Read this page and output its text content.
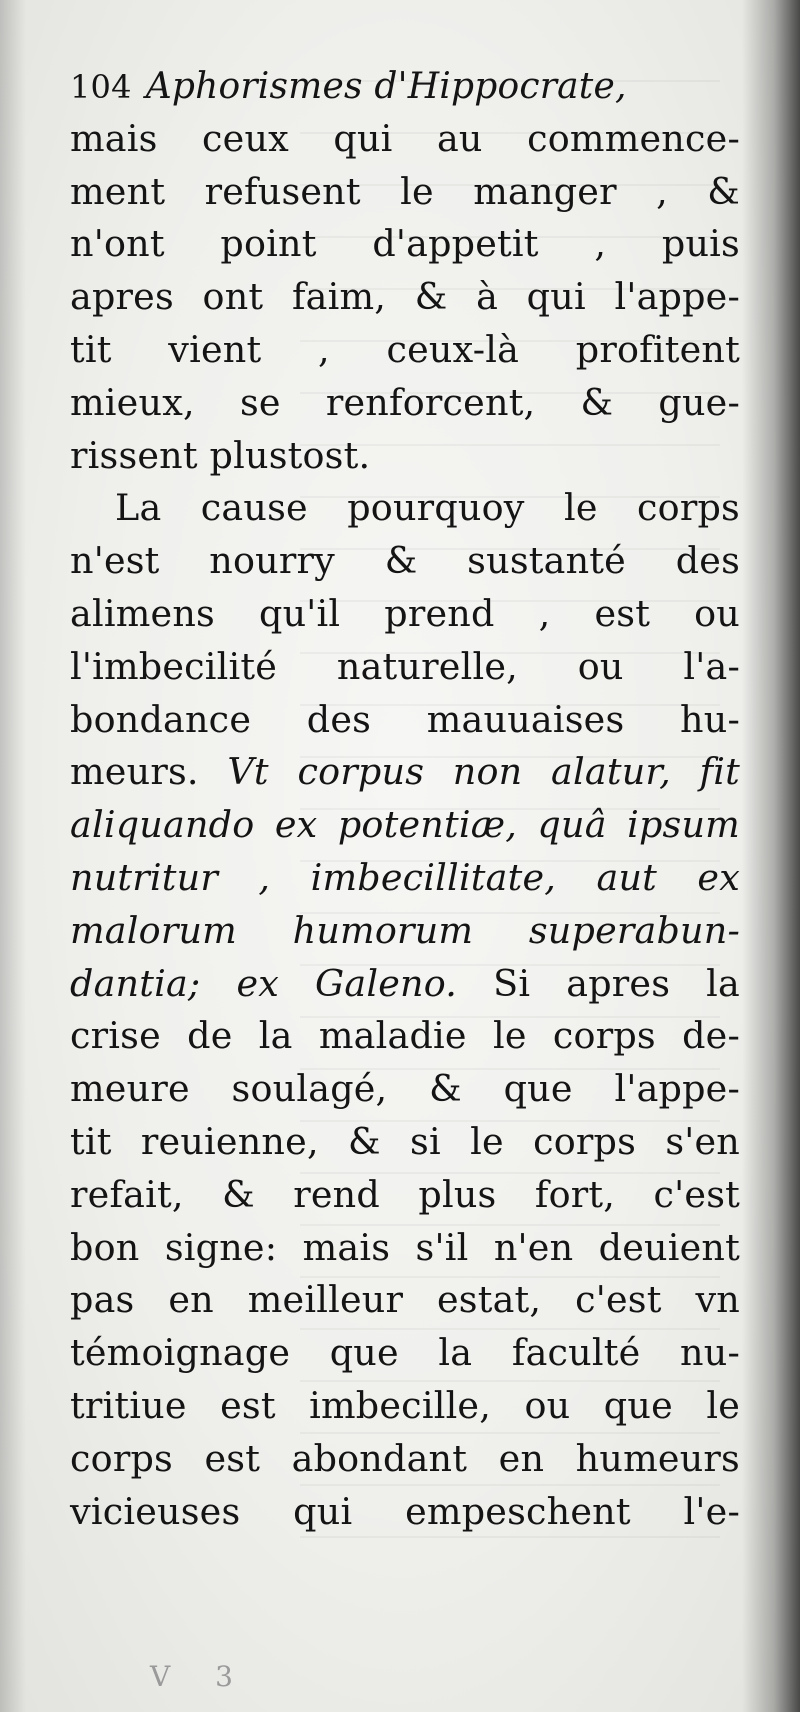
104 Aphorismes d'Hippocrate,
mais ceux qui au commence-
ment refusent le manger , &
n'ont point d'appetit , puis
apres ont faim, & à qui l'appe-
tit vient , ceux-là profitent
mieux, se renforcent, & gue-
rissent plustost.
La cause pourquoy le corps
n'est nourry & sustanté des
alimens qu'il prend , est ou
l'imbecilité naturelle, ou l'a-
bondance des mauuaises hu-
meurs. Vt corpus non alatur, fit
aliquando ex potentiæ, quâ ipsum
nutritur , imbecillitate, aut ex
malorum humorum superabun-
dantia; ex Galeno. Si apres la
crise de la maladie le corps de-
meure soulagé, & que l'appe-
tit reuienne, & si le corps s'en
refait, & rend plus fort, c'est
bon signe: mais s'il n'en deuient
pas en meilleur estat, c'est vn
témoignage que la faculté nu-
tritiue est imbecille, ou que le
corps est abondant en humeurs
vicieuses qui empeschent l'e-
V 3
